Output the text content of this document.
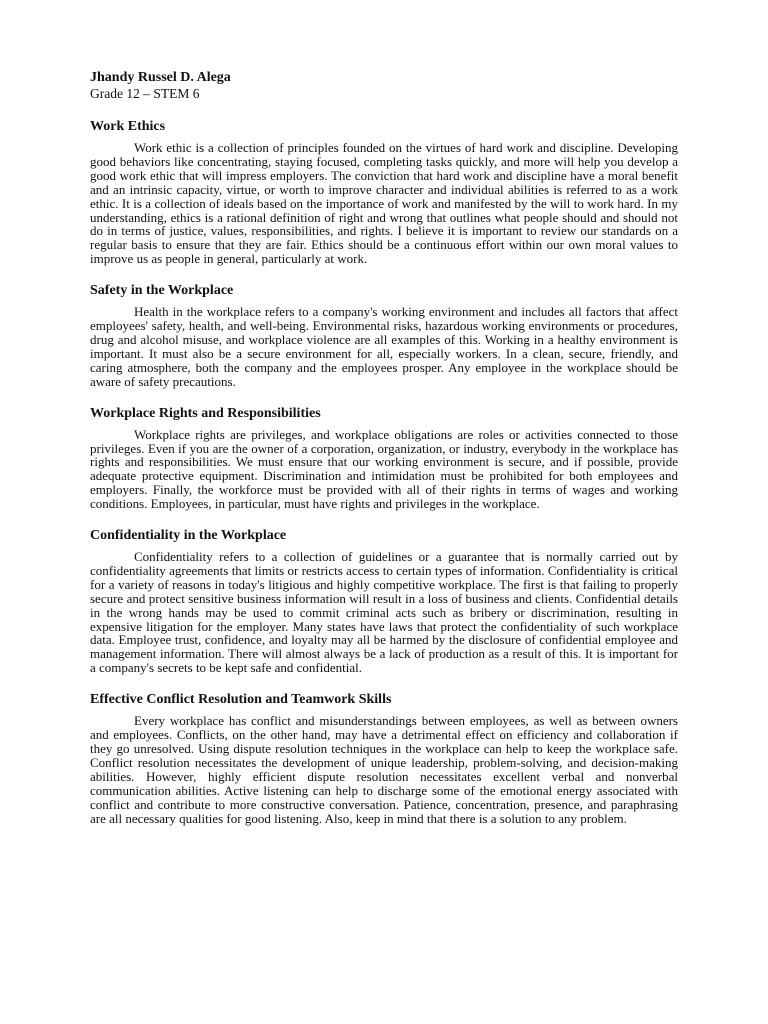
Jhandy Russel D. Alega
Grade 12 – STEM 6
Work Ethics

Work ethic is a collection of principles founded on the virtues of hard work and discipline. Developing good behaviors like concentrating, staying focused, completing tasks quickly, and more will help you develop a good work ethic that will impress employers. The conviction that hard work and discipline have a moral benefit and an intrinsic capacity, virtue, or worth to improve character and individual abilities is referred to as a work ethic. It is a collection of ideals based on the importance of work and manifested by the will to work hard. In my understanding, ethics is a rational definition of right and wrong that outlines what people should and should not do in terms of justice, values, responsibilities, and rights. I believe it is important to review our standards on a regular basis to ensure that they are fair. Ethics should be a continuous effort within our own moral values to improve us as people in general, particularly at work.

Safety in the Workplace

Health in the workplace refers to a company's working environment and includes all factors that affect employees' safety, health, and well-being. Environmental risks, hazardous working environments or procedures, drug and alcohol misuse, and workplace violence are all examples of this. Working in a healthy environment is important. It must also be a secure environment for all, especially workers. In a clean, secure, friendly, and caring atmosphere, both the company and the employees prosper. Any employee in the workplace should be aware of safety precautions.

Workplace Rights and Responsibilities

Workplace rights are privileges, and workplace obligations are roles or activities connected to those privileges. Even if you are the owner of a corporation, organization, or industry, everybody in the workplace has rights and responsibilities. We must ensure that our working environment is secure, and if possible, provide adequate protective equipment. Discrimination and intimidation must be prohibited for both employees and employers. Finally, the workforce must be provided with all of their rights in terms of wages and working conditions. Employees, in particular, must have rights and privileges in the workplace.

Confidentiality in the Workplace

Confidentiality refers to a collection of guidelines or a guarantee that is normally carried out by confidentiality agreements that limits or restricts access to certain types of information. Confidentiality is critical for a variety of reasons in today's litigious and highly competitive workplace. The first is that failing to properly secure and protect sensitive business information will result in a loss of business and clients. Confidential details in the wrong hands may be used to commit criminal acts such as bribery or discrimination, resulting in expensive litigation for the employer. Many states have laws that protect the confidentiality of such workplace data. Employee trust, confidence, and loyalty may all be harmed by the disclosure of confidential employee and management information. There will almost always be a lack of production as a result of this. It is important for a company's secrets to be kept safe and confidential.

Effective Conflict Resolution and Teamwork Skills

Every workplace has conflict and misunderstandings between employees, as well as between owners and employees. Conflicts, on the other hand, may have a detrimental effect on efficiency and collaboration if they go unresolved. Using dispute resolution techniques in the workplace can help to keep the workplace safe. Conflict resolution necessitates the development of unique leadership, problem-solving, and decision-making abilities. However, highly efficient dispute resolution necessitates excellent verbal and nonverbal communication abilities. Active listening can help to discharge some of the emotional energy associated with conflict and contribute to more constructive conversation. Patience, concentration, presence, and paraphrasing are all necessary qualities for good listening. Also, keep in mind that there is a solution to any problem.
